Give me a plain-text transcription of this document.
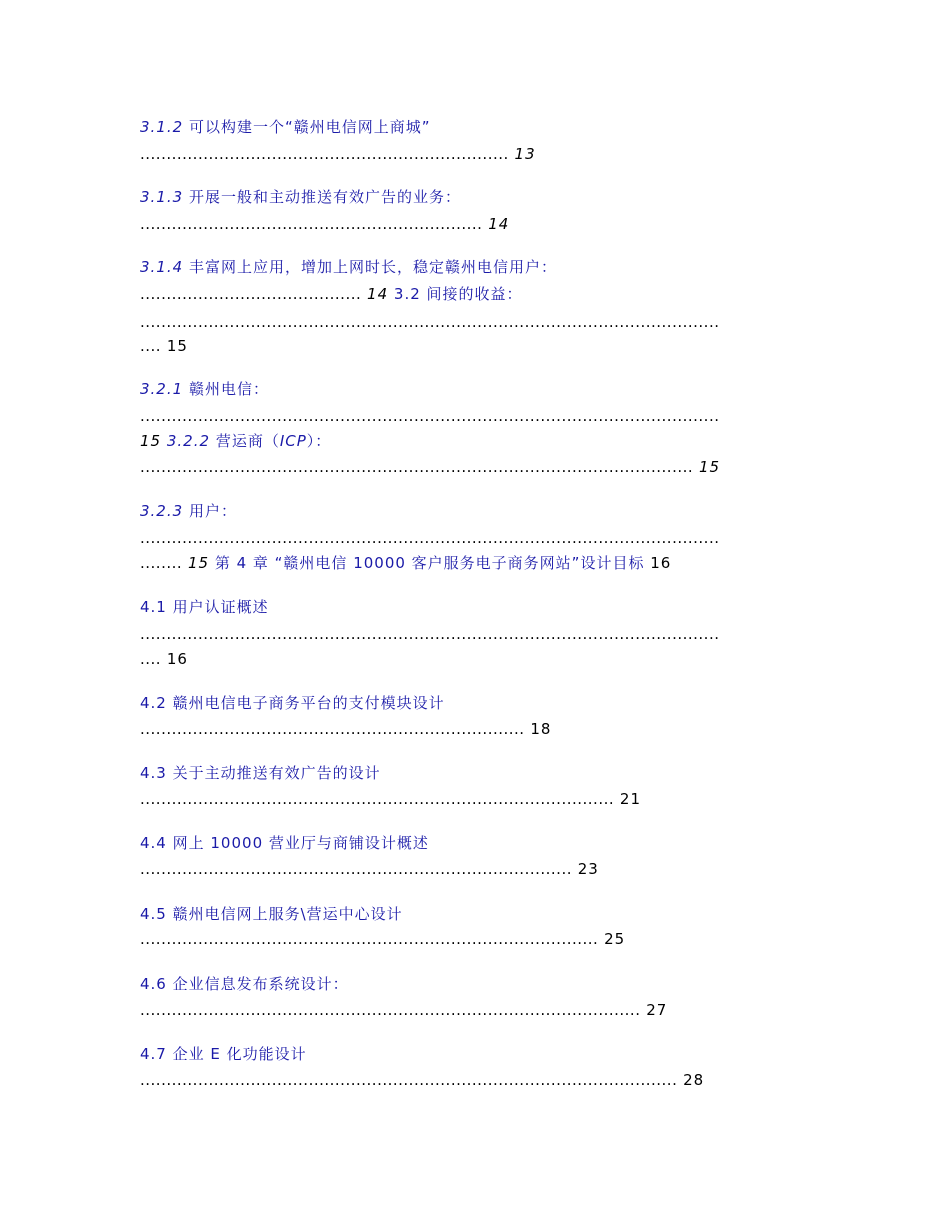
3.1.2 可以构建一个“赣州电信网上商城”
...................................................................... 13
3.1.3 开展一般和主动推送有效广告的业务：
................................................................. 14
3.1.4 丰富网上应用，增加上网时长，稳定赣州电信用户：
.......................................... 14 3.2 间接的收益：
..............................................................................................................
.... 15
3.2.1 赣州电信：
..............................................................................................................
15 3.2.2 营运商（ICP）：
......................................................................................................... 15
3.2.3 用户：
..............................................................................................................
........ 15 第 4 章 “赣州电信 10000 客户服务电子商务网站”设计目标 16
4.1 用户认证概述
..............................................................................................................
.... 16
4.2 赣州电信电子商务平台的支付模块设计
......................................................................... 18
4.3 关于主动推送有效广告的设计
.......................................................................................... 21
4.4 网上 10000 营业厅与商铺设计概述
.................................................................................. 23
4.5 赣州电信网上服务\营运中心设计
....................................................................................... 25
4.6 企业信息发布系统设计：
............................................................................................... 27
4.7 企业 E 化功能设计
...................................................................................................... 28
